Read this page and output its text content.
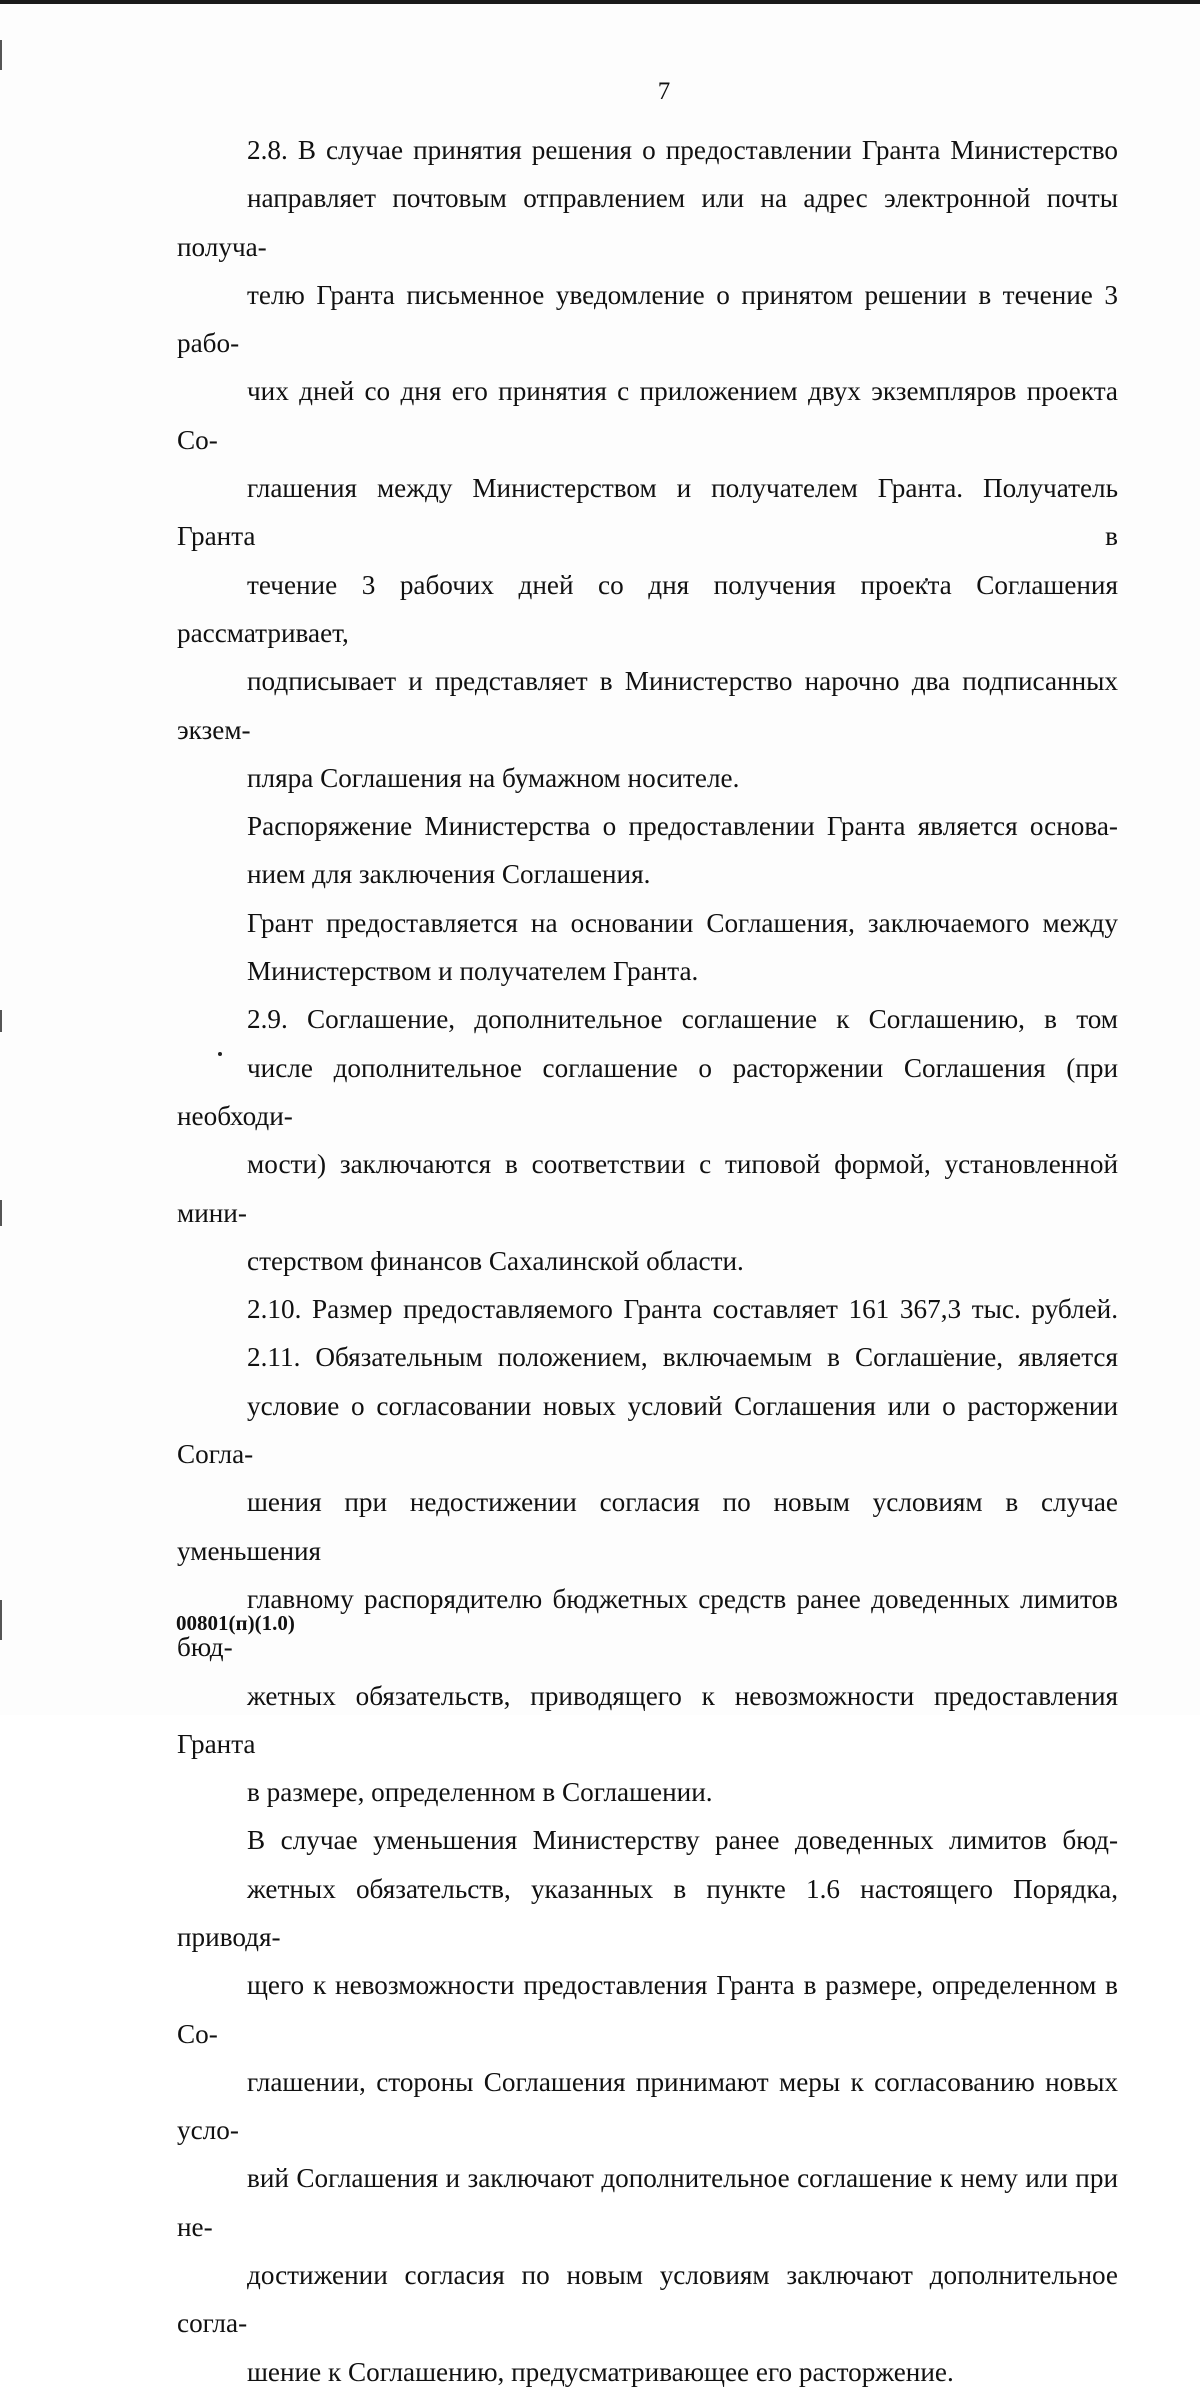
7

2.8. В случае принятия решения о предоставлении Гранта Министерство
направляет почтовым отправлением или на адрес электронной почты получа-
телю Гранта письменное уведомление о принятом решении в течение 3 рабо-
чих дней со дня его принятия с приложением двух экземпляров проекта Со-
глашения между Министерством и получателем Гранта. Получатель Гранта в
течение 3 рабочих дней со дня получения проекта Соглашения рассматривает,
подписывает и представляет в Министерство нарочно два подписанных экзем-
пляра Соглашения на бумажном носителе.

Распоряжение Министерства о предоставлении Гранта является основа-
нием для заключения Соглашения.

Грант предоставляется на основании Соглашения, заключаемого между
Министерством и получателем Гранта.

2.9. Соглашение, дополнительное соглашение к Соглашению, в том
числе дополнительное соглашение о расторжении Соглашения (при необходи-
мости) заключаются в соответствии с типовой формой, установленной мини-
стерством финансов Сахалинской области.

2.10. Размер предоставляемого Гранта составляет 161 367,3 тыс. рублей.

2.11. Обязательным положением, включаемым в Соглашение, является
условие о согласовании новых условий Соглашения или о расторжении Согла-
шения при недостижении согласия по новым условиям в случае уменьшения
главному распорядителю бюджетных средств ранее доведенных лимитов бюд-
жетных обязательств, приводящего к невозможности предоставления Гранта
в размере, определенном в Соглашении.

В случае уменьшения Министерству ранее доведенных лимитов бюд-
жетных обязательств, указанных в пункте 1.6 настоящего Порядка, приводя-
щего к невозможности предоставления Гранта в размере, определенном в Со-
глашении, стороны Соглашения принимают меры к согласованию новых усло-
вий Соглашения и заключают дополнительное соглашение к нему или при не-
достижении согласия по новым условиям заключают дополнительное согла-
шение к Соглашению, предусматривающее его расторжение.

00801(п)(1.0)
